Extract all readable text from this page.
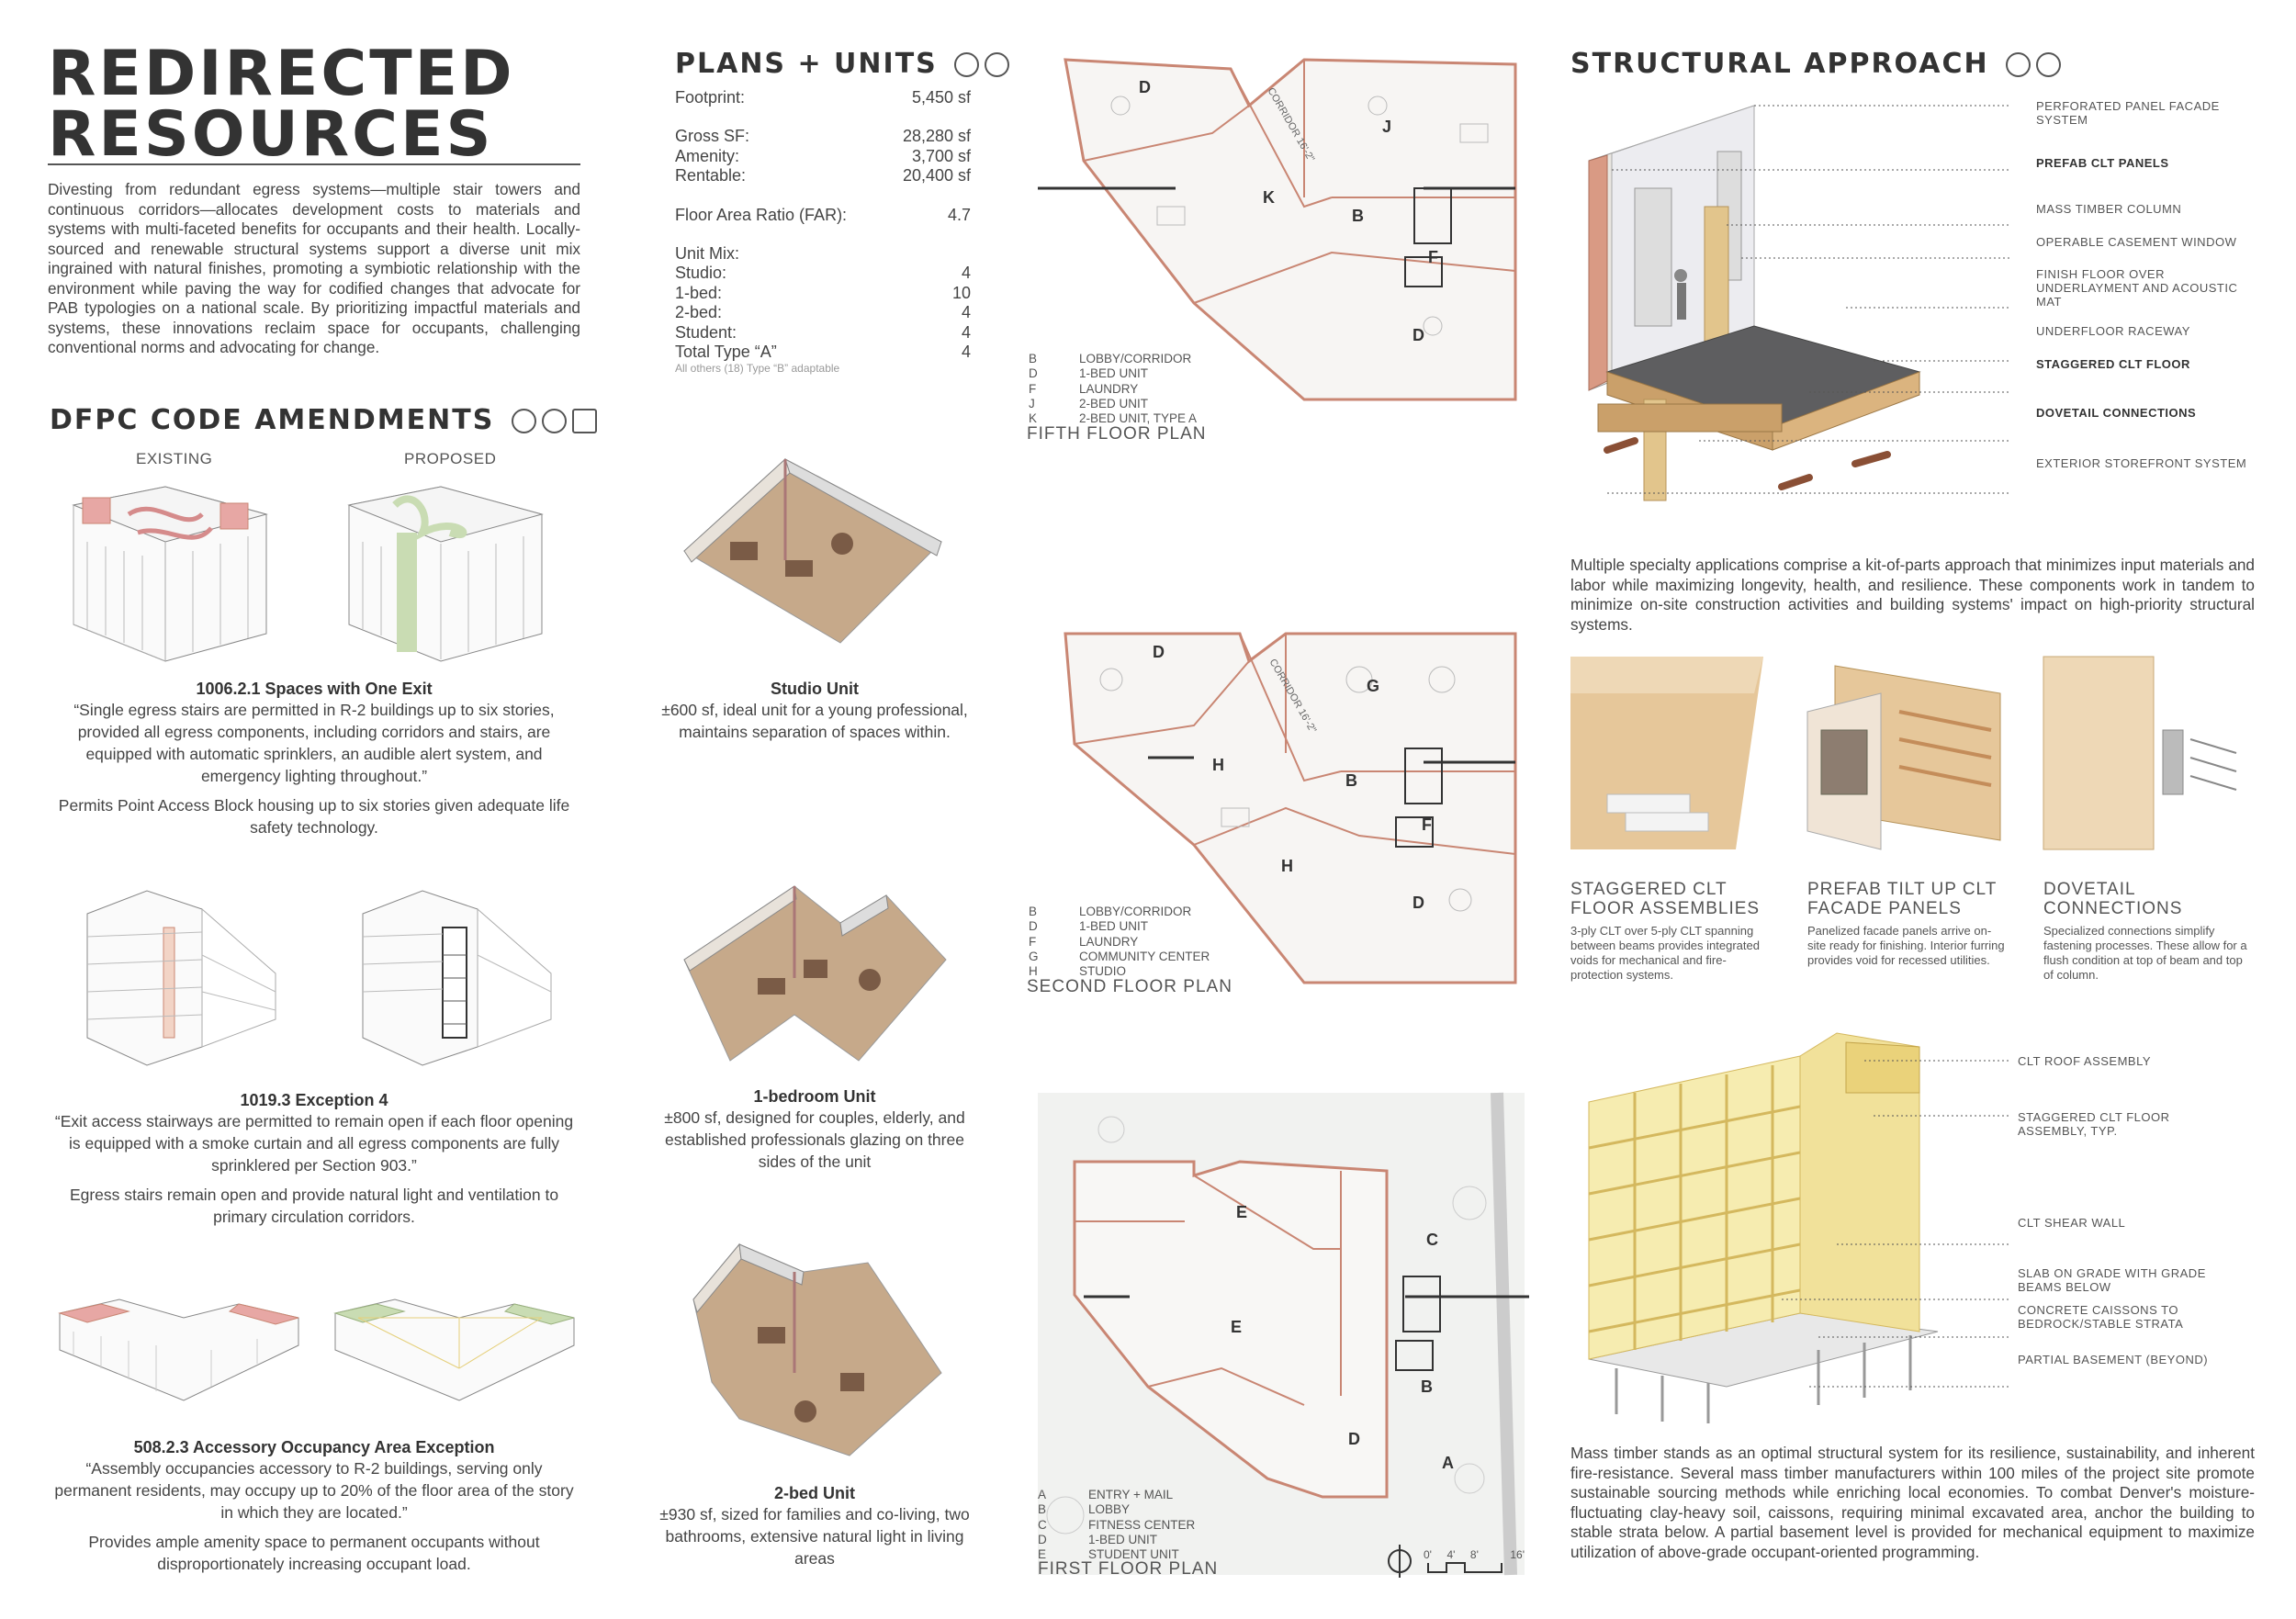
REDIRECTED
RESOURCES
Divesting from redundant egress systems—multiple stair towers and continuous corridors—allocates development costs to materials and systems with multi-faceted benefits for occupants and their health. Locally-sourced and renewable structural systems support a diverse unit mix ingrained with natural finishes, promoting a symbiotic relationship with the environment while paving the way for codified changes that advocate for PAB typologies on a national scale. By prioritizing impactful materials and systems, these innovations reclaim space for occupants, challenging conventional norms and advocating for change.
DFPC CODE AMENDMENTS
EXISTING	PROPOSED
1006.2.1 Spaces with One Exit
“Single egress stairs are permitted in R-2 buildings up to six stories, provided all egress components, including corridors and stairs, are equipped with automatic sprinklers, an audible alert system, and emergency lighting throughout.”
Permits Point Access Block housing up to six stories given adequate life safety technology.
1019.3 Exception 4
“Exit access stairways are permitted to remain open if each floor opening is equipped with a smoke curtain and all egress components are fully sprinklered per Section 903.”
Egress stairs remain open and provide natural light and ventilation to primary circulation corridors.
508.2.3 Accessory Occupancy Area Exception
“Assembly occupancies accessory to R-2 buildings, serving only permanent residents, may occupy up to 20% of the floor area of the story in which they are located.”
Provides ample amenity space to permanent occupants without disproportionately increasing occupant load.
PLANS + UNITS
Footprint:	5,450 sf
Gross SF:	28,280 sf
Amenity:	3,700 sf
Rentable:	20,400 sf
Floor Area Ratio (FAR):	4.7
Unit Mix:
Studio:	4
1-bed:	10
2-bed:	4
Student:	4
Total Type “A”	4
All others (18) Type “B” adaptable
Studio Unit
±600 sf, ideal unit for a young professional, maintains separation of spaces within.
1-bedroom Unit
±800 sf, designed for couples, elderly, and established professionals glazing on three sides of the unit
2-bed Unit
±930 sf, sized for families and co-living, two bathrooms, extensive natural light in living areas
D
J
K
B
F
D
CORRIDOR 16'-2"
B	LOBBY/CORRIDOR
D	1-BED UNIT
F	LAUNDRY
J	2-BED UNIT
K	2-BED UNIT, TYPE A
FIFTH FLOOR PLAN
D
G
H
B
F
H
D
CORRIDOR 16'-2"
B	LOBBY/CORRIDOR
D	1-BED UNIT
F	LAUNDRY
G	COMMUNITY CENTER
H	STUDIO
SECOND FLOOR PLAN
E
C
E
B
D
A
A	ENTRY + MAIL
B	LOBBY
C	FITNESS CENTER
D	1-BED UNIT
E	STUDENT UNIT
FIRST FLOOR PLAN
0' 4' 8'	16'
STRUCTURAL APPROACH
PERFORATED PANEL FACADE SYSTEM
PREFAB CLT PANELS
MASS TIMBER COLUMN
OPERABLE CASEMENT WINDOW
FINISH FLOOR OVER UNDERLAYMENT AND ACOUSTIC MAT
UNDERFLOOR RACEWAY
STAGGERED CLT FLOOR
DOVETAIL CONNECTIONS
EXTERIOR STOREFRONT SYSTEM
Multiple specialty applications comprise a kit-of-parts approach that minimizes input materials and labor while maximizing longevity, health, and resilience. These components work in tandem to minimize on-site construction activities and building systems' impact on high-priority structural systems.
STAGGERED CLT FLOOR ASSEMBLIES
3-ply CLT over 5-ply CLT spanning between beams provides integrated voids for mechanical and fire-protection systems.
PREFAB TILT UP CLT FACADE PANELS
Panelized facade panels arrive on-site ready for finishing. Interior furring provides void for recessed utilities.
DOVETAIL CONNECTIONS
Specialized connections simplify fastening processes. These allow for a flush condition at top of beam and top of column.
CLT ROOF ASSEMBLY
STAGGERED CLT FLOOR ASSEMBLY, TYP.
CLT SHEAR WALL
SLAB ON GRADE WITH GRADE BEAMS BELOW
CONCRETE CAISSONS TO BEDROCK/STABLE STRATA
PARTIAL BASEMENT (BEYOND)
Mass timber stands as an optimal structural system for its resilience, sustainability, and inherent fire-resistance. Several mass timber manufacturers within 100 miles of the project site promote sustainable sourcing methods while enriching local economies. To combat Denver's moisture-fluctuating clay-heavy soil, caissons, requiring minimal excavated area, anchor the building to stable strata below. A partial basement level is provided for mechanical equipment to maximize utilization of above-grade occupant-oriented programming.
